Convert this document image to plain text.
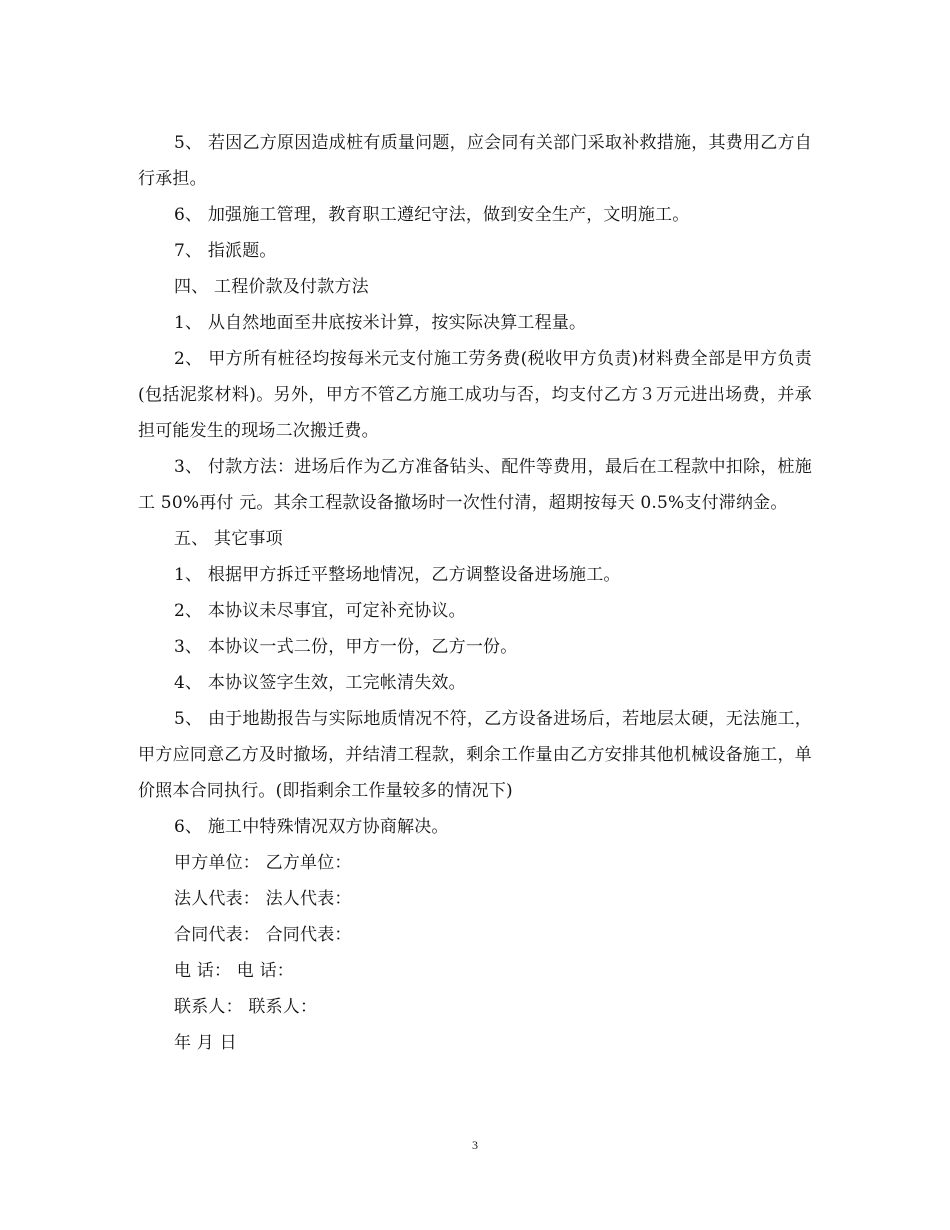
5、 若因乙方原因造成桩有质量问题，应会同有关部门采取补救措施，其费用乙方自行承担。

6、 加强施工管理，教育职工遵纪守法，做到安全生产，文明施工。

7、 指派题。

四、 工程价款及付款方法

1、 从自然地面至井底按米计算，按实际决算工程量。

2、 甲方所有桩径均按每米元支付施工劳务费(税收甲方负责)材料费全部是甲方负责(包括泥浆材料)。另外，甲方不管乙方施工成功与否，均支付乙方３万元进出场费，并承担可能发生的现场二次搬迁费。

3、 付款方法：进场后作为乙方准备钻头、配件等费用，最后在工程款中扣除，桩施工 50%再付 元。其余工程款设备撤场时一次性付清，超期按每天 0.5%支付滞纳金。

五、 其它事项

1、 根据甲方拆迁平整场地情况，乙方调整设备进场施工。

2、 本协议未尽事宜，可定补充协议。

3、 本协议一式二份，甲方一份，乙方一份。

4、 本协议签字生效，工完帐清失效。

5、 由于地勘报告与实际地质情况不符，乙方设备进场后，若地层太硬，无法施工，甲方应同意乙方及时撤场，并结清工程款，剩余工作量由乙方安排其他机械设备施工，单价照本合同执行。(即指剩余工作量较多的情况下)

6、 施工中特殊情况双方协商解决。

甲方单位： 乙方单位：

法人代表： 法人代表：

合同代表： 合同代表：

电 话： 电 话：

联系人： 联系人：

年 月 日

3
